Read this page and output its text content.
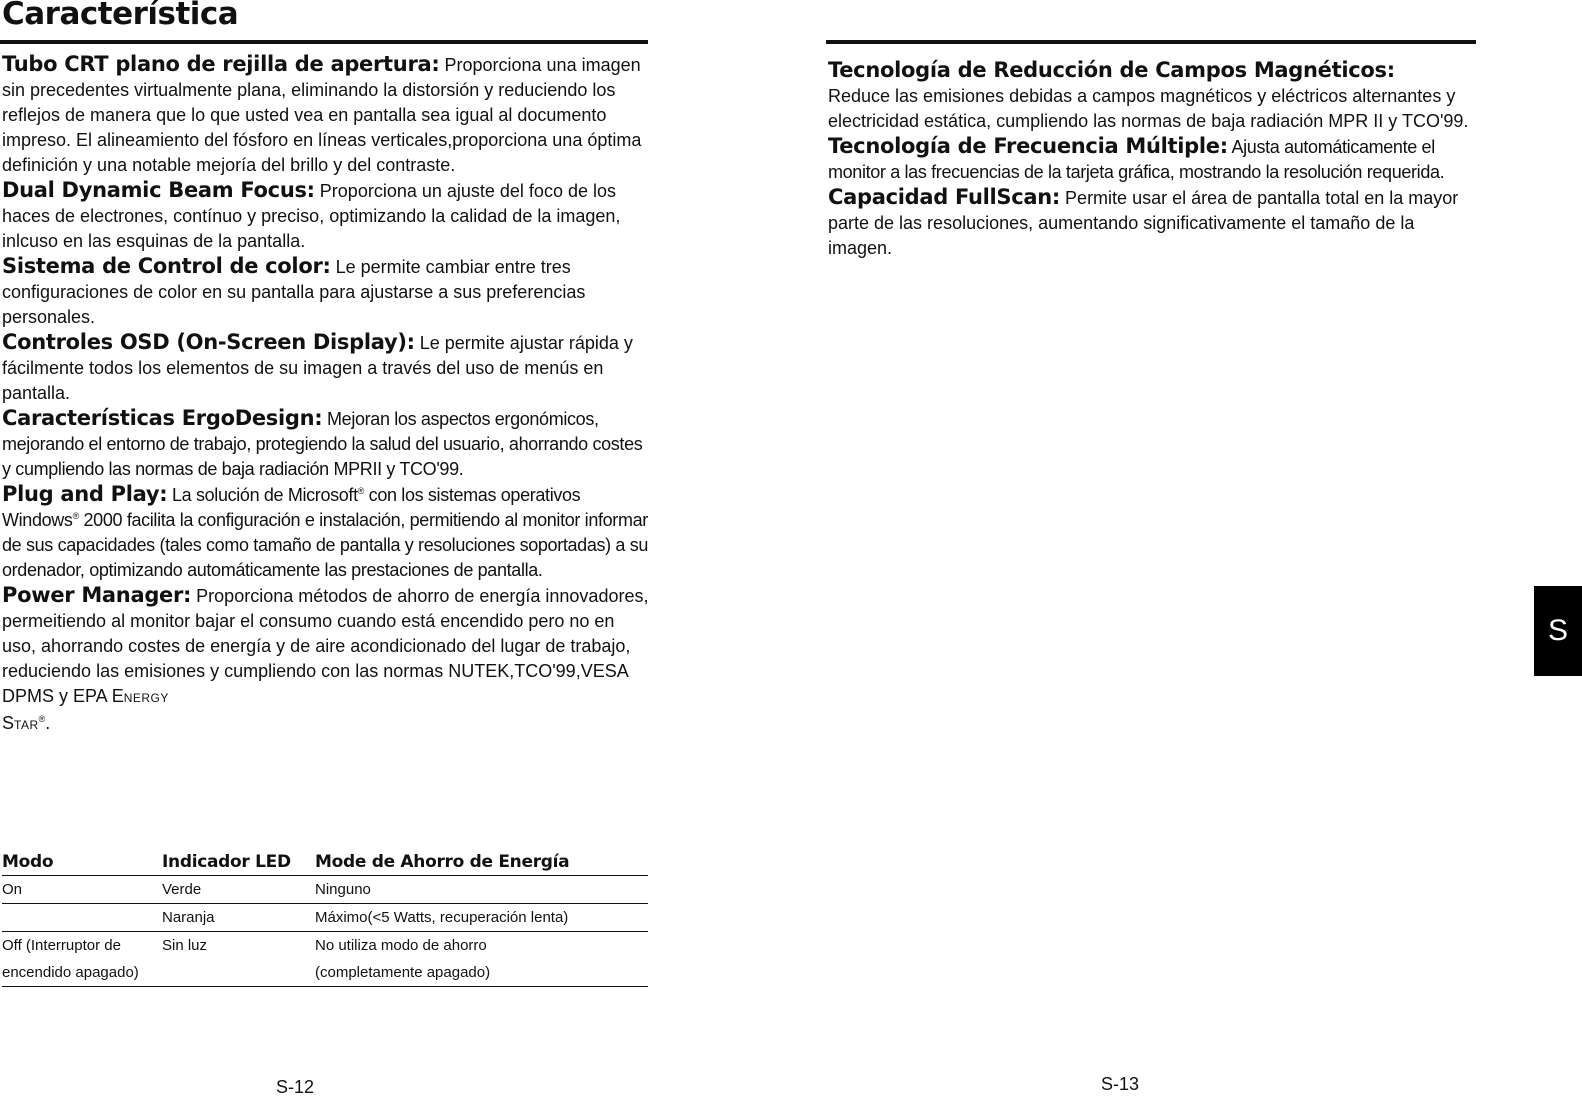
Característica

Tubo CRT plano de rejilla de apertura: Proporciona una imagen sin precedentes virtualmente plana, eliminando la distorsión y reduciendo los reflejos de manera que lo que usted vea en pantalla sea igual al documento impreso. El alineamiento del fósforo en líneas verticales,proporciona una óptima definición y una notable mejoría del brillo y del contraste.

Dual Dynamic Beam Focus: Proporciona un ajuste del foco de los haces de electrones, contínuo y preciso, optimizando la calidad de la imagen, inlcuso en las esquinas de la pantalla.

Sistema de Control de color: Le permite cambiar entre tres configuraciones de color en su pantalla para ajustarse a sus preferencias personales.

Controles OSD (On-Screen Display): Le permite ajustar rápida y fácilmente todos los elementos de su imagen a través del uso de menús en pantalla.

Características ErgoDesign: Mejoran los aspectos ergonómicos, mejorando el entorno de trabajo, protegiendo la salud del usuario, ahorrando costes y cumpliendo las normas de baja radiación MPRII y TCO'99.

Plug and Play: La solución de Microsoft® con los sistemas operativos Windows® 2000 facilita la configuración e instalación, permitiendo al monitor informar de sus capacidades (tales como tamaño de pantalla y resoluciones soportadas) a su ordenador, optimizando automáticamente las prestaciones de pantalla.

Power Manager: Proporciona métodos de ahorro de energía innovadores, permeitiendo al monitor bajar el consumo cuando está encendido pero no en uso, ahorrando costes de energía y de aire acondicionado del lugar de trabajo, reduciendo las emisiones y cumpliendo con las normas NUTEK,TCO'99,VESA DPMS y EPA ENERGY
STAR®.

Modo	Indicador LED	Mode de Ahorro de Energía
On	Verde	Ninguno
	Naranja	Máximo(<5 Watts, recuperación lenta)
Off (Interruptor de	Sin luz	No utiliza modo de ahorro
encendido apagado)		(completamente apagado)

Tecnología de Reducción de Campos Magnéticos:
Reduce las emisiones debidas a campos magnéticos y eléctricos alternantes y electricidad estática, cumpliendo las normas de baja radiación MPR II y TCO'99.

Tecnología de Frecuencia Múltiple: Ajusta automáticamente el monitor a las frecuencias de la tarjeta gráfica, mostrando la resolución requerida.

Capacidad FullScan: Permite usar el área de pantalla total en la mayor parte de las resoluciones, aumentando significativamente el tamaño de la imagen.

S-12	S-13
S
